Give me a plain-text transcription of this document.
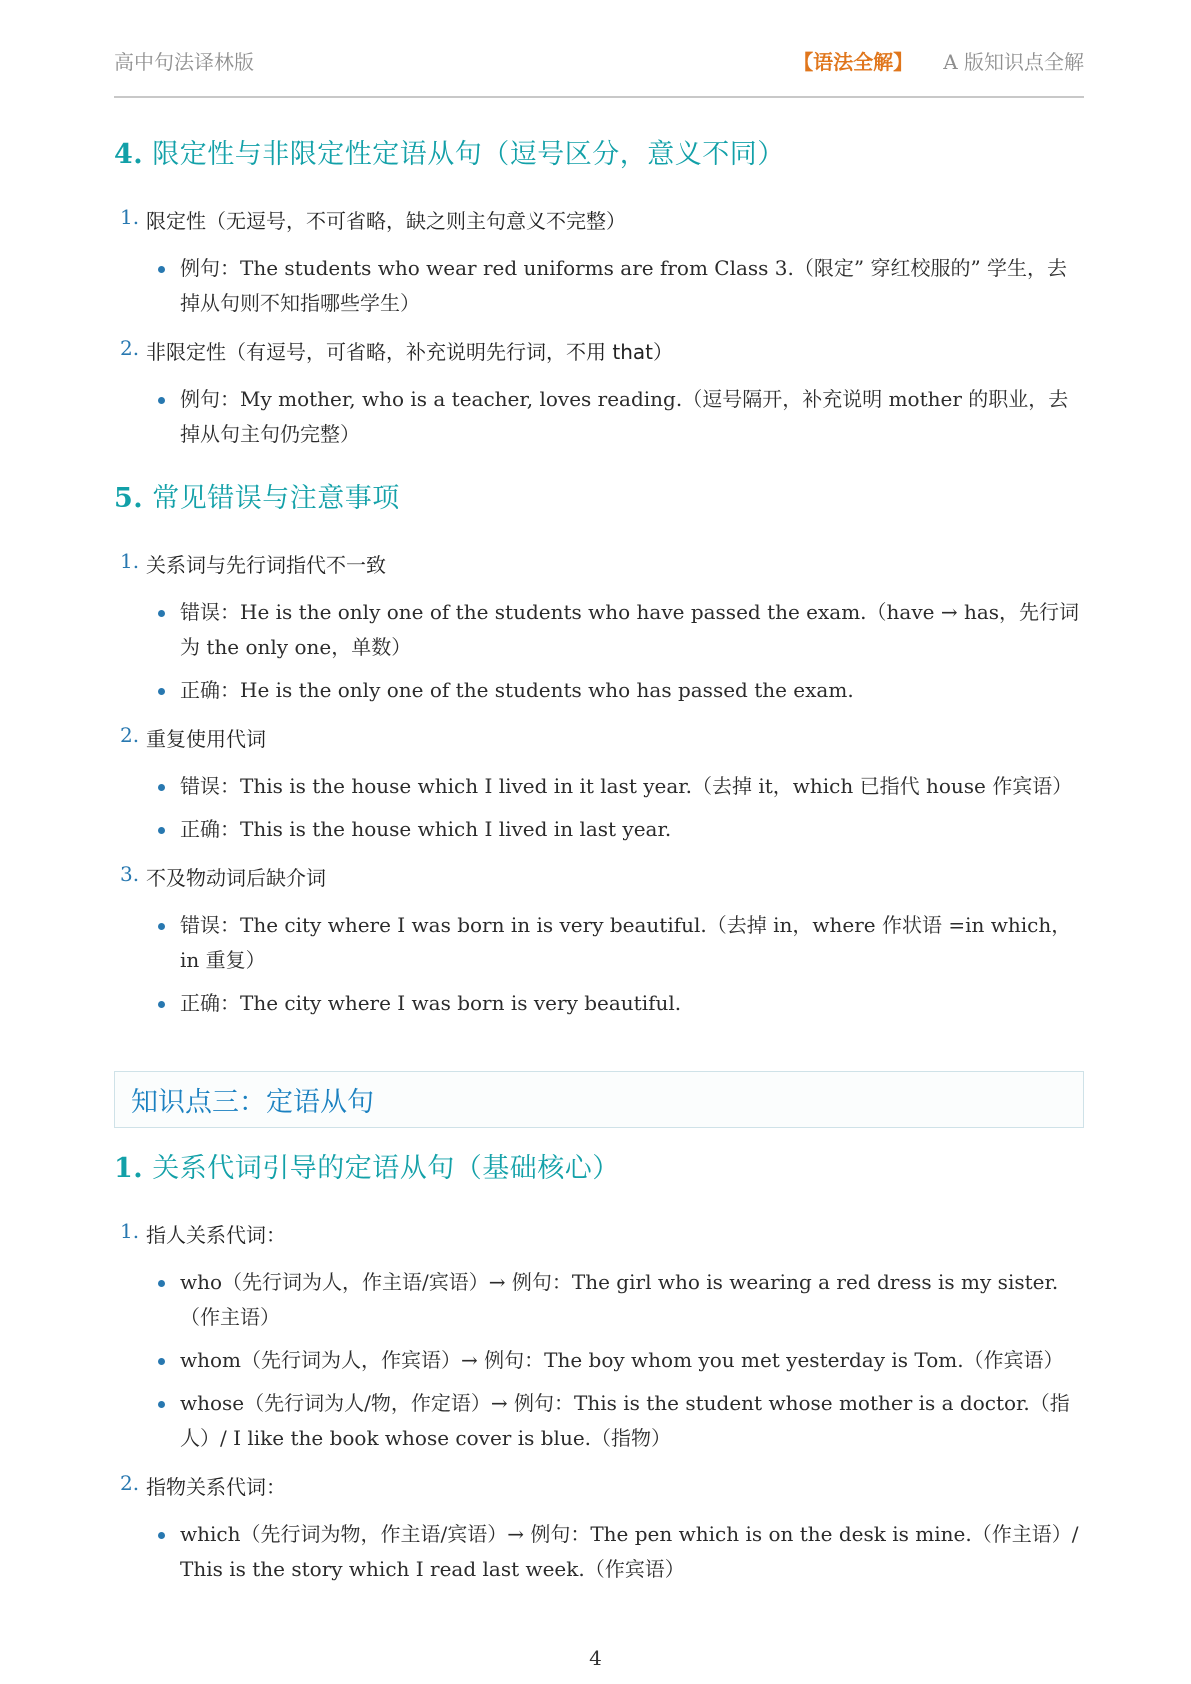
高中句法译林版	【语法全解】 A 版知识点全解
4. 限定性与非限定性定语从句（逗号区分，意义不同）
1. 限定性（无逗号，不可省略，缺之则主句意义不完整）
例句：The students who wear red uniforms are from Class 3.（限定” 穿红校服的” 学生，去掉从句则不知指哪些学生）
2. 非限定性（有逗号，可省略，补充说明先行词，不用 that）
例句：My mother, who is a teacher, loves reading.（逗号隔开，补充说明 mother 的职业，去掉从句主句仍完整）
5. 常见错误与注意事项
1. 关系词与先行词指代不一致
错误：He is the only one of the students who have passed the exam.（have → has，先行词为 the only one，单数）
正确：He is the only one of the students who has passed the exam.
2. 重复使用代词
错误：This is the house which I lived in it last year.（去掉 it，which 已指代 house 作宾语）
正确：This is the house which I lived in last year.
3. 不及物动词后缺介词
错误：The city where I was born in is very beautiful.（去掉 in，where 作状语 =in which，in 重复）
正确：The city where I was born is very beautiful.
知识点三：定语从句
1. 关系代词引导的定语从句（基础核心）
1. 指人关系代词：
who（先行词为人，作主语/宾语）→ 例句：The girl who is wearing a red dress is my sister.（作主语）
whom（先行词为人，作宾语）→ 例句：The boy whom you met yesterday is Tom.（作宾语）
whose（先行词为人/物，作定语）→ 例句：This is the student whose mother is a doctor.（指人）/ I like the book whose cover is blue.（指物）
2. 指物关系代词：
which（先行词为物，作主语/宾语）→ 例句：The pen which is on the desk is mine.（作主语）/ This is the story which I read last week.（作宾语）
4
